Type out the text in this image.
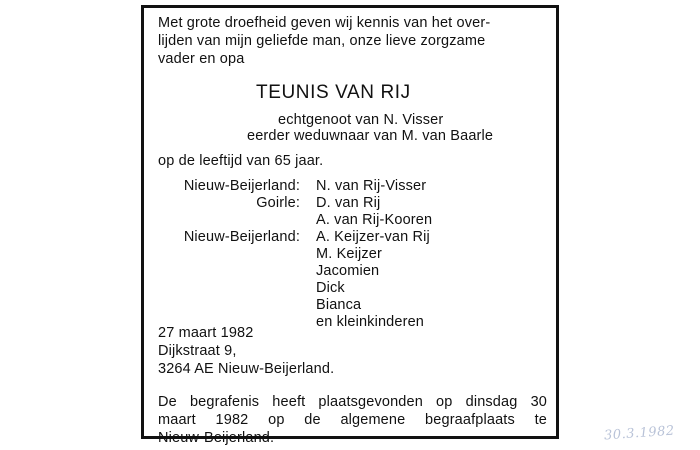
Met grote droefheid geven wij kennis van het over-
lijden van mijn geliefde man, onze lieve zorgzame
vader en opa
TEUNIS VAN RIJ
echtgenoot van N. Visser
eerder weduwnaar van M. van Baarle
op de leeftijd van 65 jaar.
Nieuw-Beijerland: N. van Rij-Visser
Goirle: D. van Rij
A. van Rij-Kooren
Nieuw-Beijerland: A. Keijzer-van Rij
M. Keijzer
Jacomien
Dick
Bianca
en kleinkinderen
27 maart 1982
Dijkstraat 9,
3264 AE Nieuw-Beijerland.
De begrafenis heeft plaatsgevonden op dinsdag 30
maart 1982 op de algemene begraafplaats te
Nieuw-Beijerland.	30.3.1982
